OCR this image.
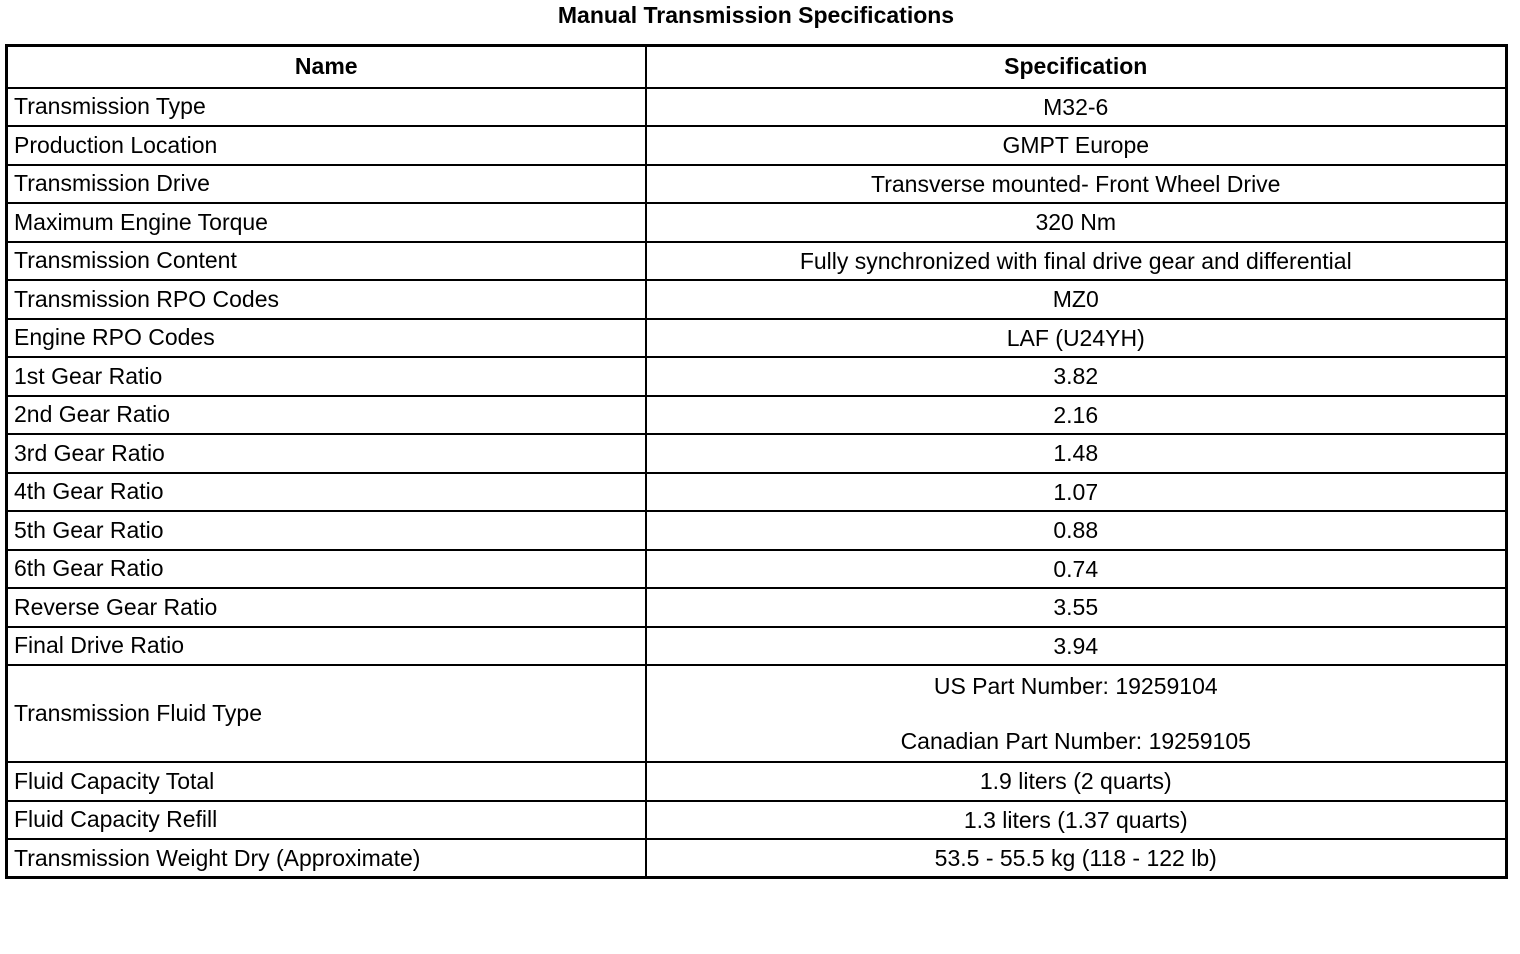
Manual Transmission Specifications
Name	Specification
Transmission Type	M32-6

Production Location	GMPT Europe

Transmission Drive	Transverse mounted- Front Wheel Drive

Maximum Engine Torque	320 Nm

Transmission Content	Fully synchronized with final drive gear and differential

Transmission RPO Codes	MZ0

Engine RPO Codes	LAF (U24YH)

1st Gear Ratio	3.82

2nd Gear Ratio	2.16

3rd Gear Ratio	1.48

4th Gear Ratio	1.07

5th Gear Ratio	0.88

6th Gear Ratio	0.74

Reverse Gear Ratio	3.55

Final Drive Ratio	3.94

Transmission Fluid Type	US Part Number: 19259104
Canadian Part Number: 19259105

Fluid Capacity Total	1.9 liters (2 quarts)

Fluid Capacity Refill	1.3 liters (1.37 quarts)

Transmission Weight Dry (Approximate)	53.5 - 55.5 kg (118 - 122 lb)
